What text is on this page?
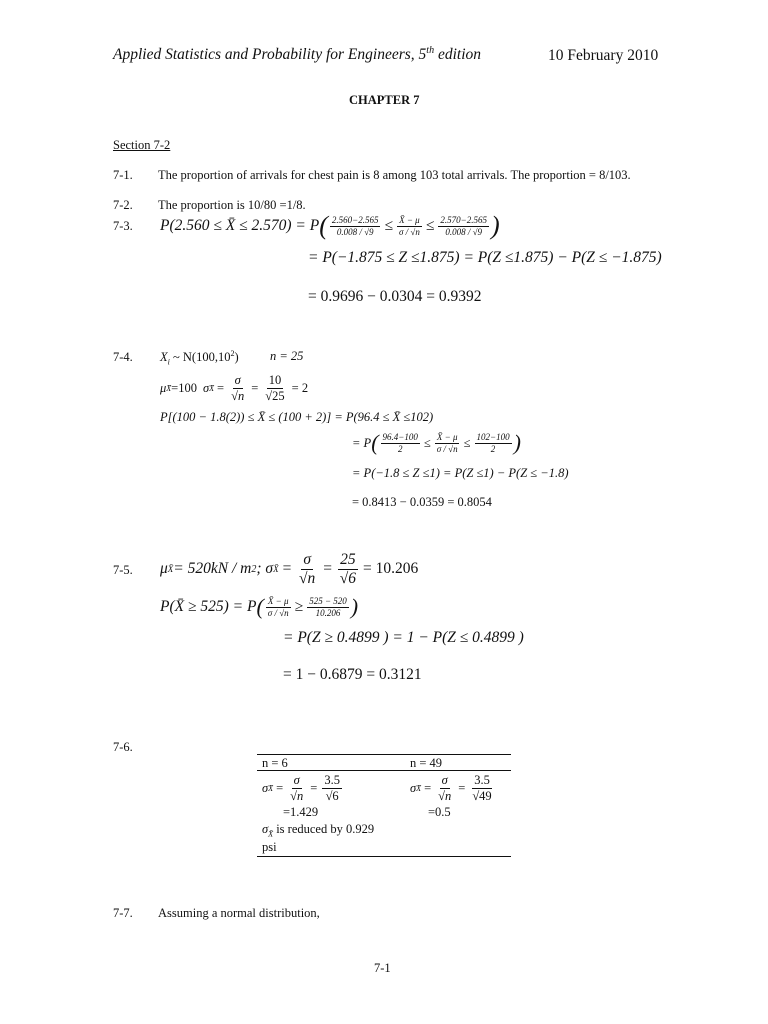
Applied Statistics and Probability for Engineers, 5th edition	10 February 2010
CHAPTER 7
Section 7-2
7-1. The proportion of arrivals for chest pain is 8 among 103 total arrivals. The proportion = 8/103.
7-2. The proportion is 10/80 =1/8.
7-3. P(2.560 ≤ X̄ ≤ 2.570) = P ( $\frac{2.560-2.565}{0.008 / √9} \le \frac{X̄ - \mu}{\sigma / √n} \le \frac{2.570-2.565}{0.008 / √9}$ )
= P(−1.875 ≤ Z ≤1.875) = P(Z ≤1.875) − P(Z ≤ −1.875)
= 0.9696 − 0.0304 = 0.9392
7-4. $X_i$ ~ N(100,10$^2$)	n = 25
μ X̄ =100 σ X̄ = $\frac{\sigma}{√n} = \frac{10}{√25} = 2$
P[(100 − 1.8(2)) ≤ X̄ ≤ (100 + 2)] = P(96.4 ≤ X̄ ≤102)
= P ( $\frac{96.4-100}{2} \le \frac{X̄ - \mu}{\sigma / √n} \le \frac{102-100}{2}$ )
= P(−1.8 ≤ Z ≤1) = P(Z ≤1) − P(Z ≤ −1.8)
= 0.8413 − 0.0359 = 0.8054
7-5. μ X̄ = 520kN / m 2 ; σ X̄ = $\frac{\sigma}{√n} = \frac{25}{√6} = 10.206$
P(X̄ ≥ 525) = P ( $\frac{X̄ - \mu}{\sigma / √n} \ge \frac{525 - 520}{10.206}$ )
= P(Z ≥ 0.4899 ) = 1 − P(Z ≤ 0.4899 )
= 1 − 0.6879 = 0.3121
7-6.
n = 6	n = 49
σ X̄ = $\frac{\sigma}{√n} = \frac{3.5}{√6}$	σ X̄ = $\frac{\sigma}{√n} = \frac{3.5}{√49}$
=1.429	=0.5
$\sigma_{X̄}$ is reduced by 0.929
psi
7-7. Assuming a normal distribution,
7-1
